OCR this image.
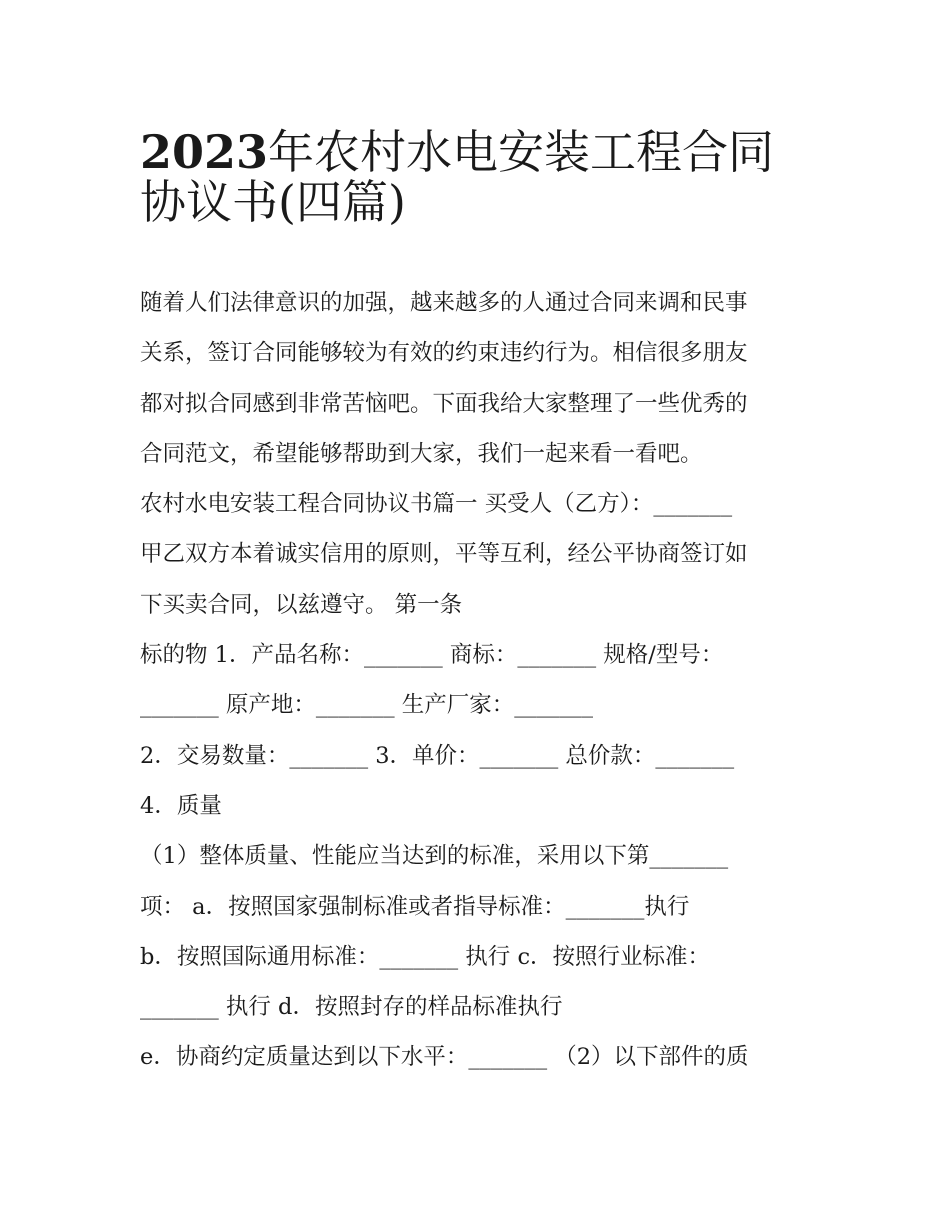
2023年农村水电安装工程合同
协议书(四篇)
随着人们法律意识的加强，越来越多的人通过合同来调和民事
关系，签订合同能够较为有效的约束违约行为。相信很多朋友
都对拟合同感到非常苦恼吧。下面我给大家整理了一些优秀的
合同范文，希望能够帮助到大家，我们一起来看一看吧。
农村水电安装工程合同协议书篇一 买受人（乙方）：_______
甲乙双方本着诚实信用的原则，平等互利，经公平协商签订如
下买卖合同，以兹遵守。 第一条
标的物 1．产品名称：_______ 商标：_______ 规格/型号：
_______ 原产地：_______ 生产厂家：_______
2．交易数量：_______ 3．单价：_______ 总价款：_______
4．质量
（1）整体质量、性能应当达到的标准，采用以下第_______
项： a．按照国家强制标准或者指导标准：_______执行
b．按照国际通用标准：_______ 执行 c．按照行业标准：
_______ 执行 d．按照封存的样品标准执行
e．协商约定质量达到以下水平：_______ （2）以下部件的质
